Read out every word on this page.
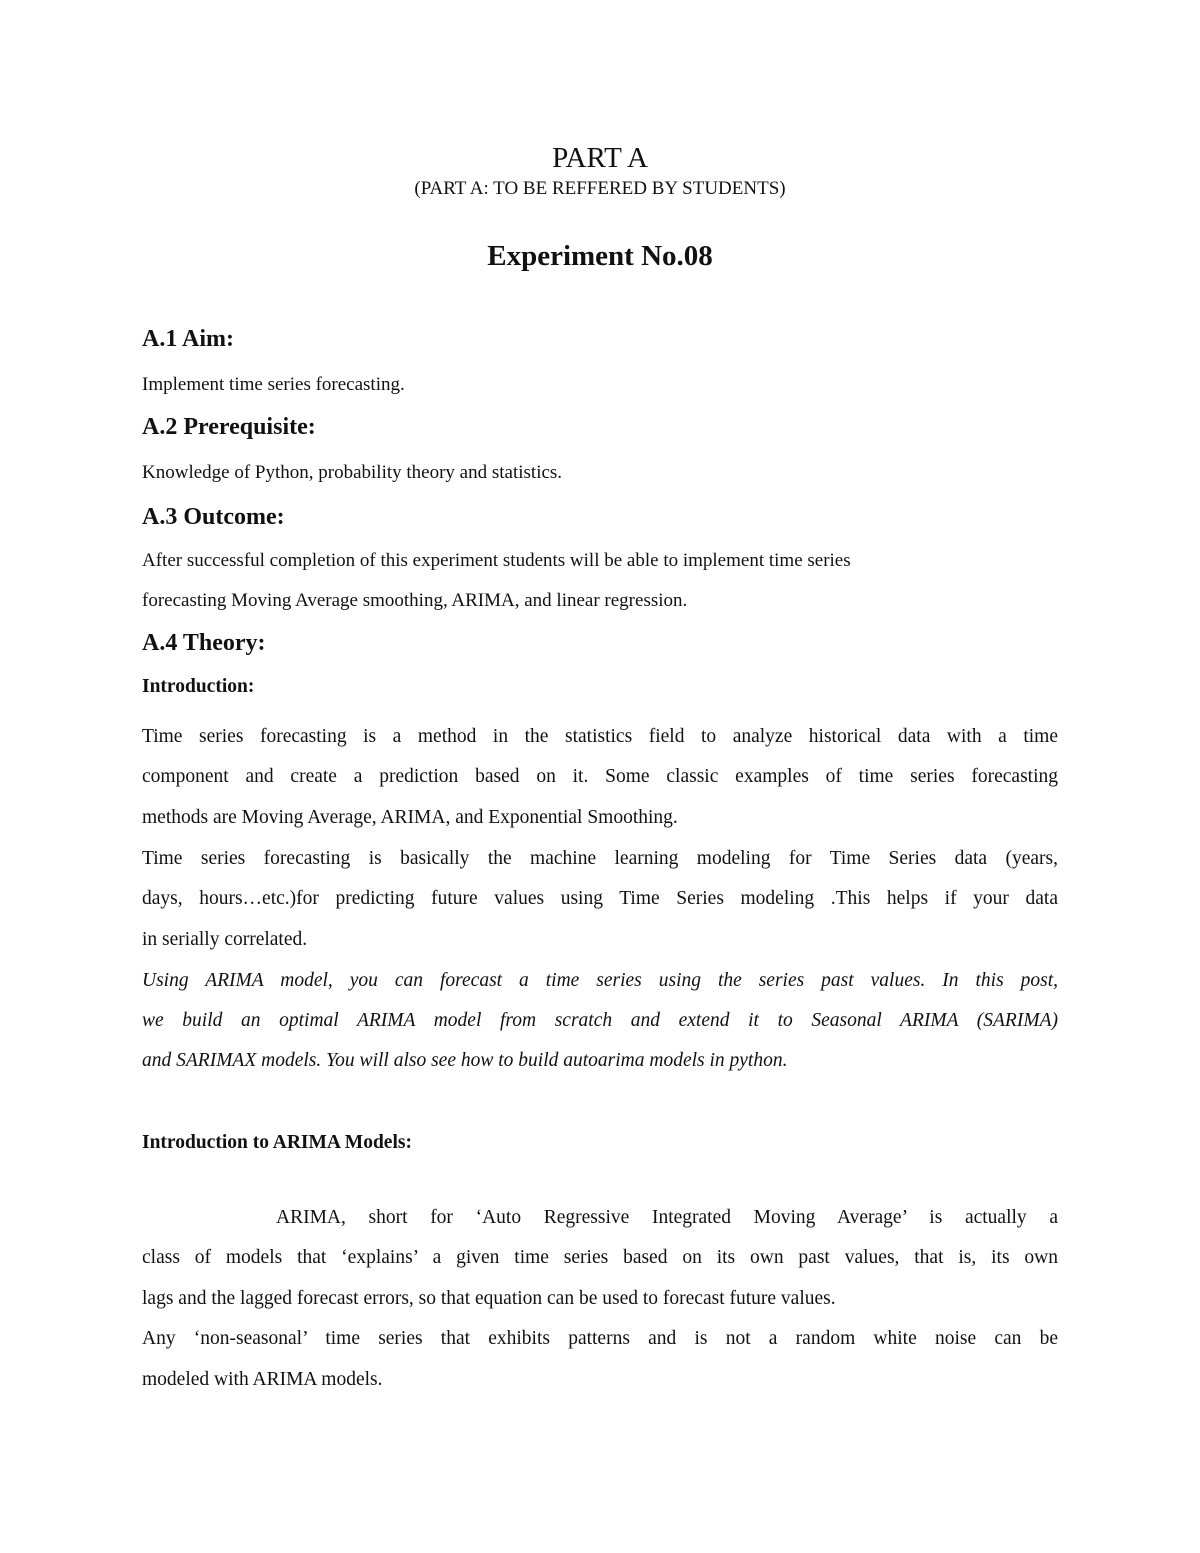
PART A
(PART A: TO BE REFFERED BY STUDENTS)
Experiment No.08
A.1 Aim:
Implement time series forecasting.
A.2 Prerequisite:
Knowledge of Python, probability theory and statistics.
A.3 Outcome:
After successful completion of this experiment students will be able to implement time series
forecasting Moving Average smoothing, ARIMA, and linear regression.
A.4 Theory:
Introduction:
Time series forecasting is a method in the statistics field to analyze historical data with a time
component and create a prediction based on it. Some classic examples of time series forecasting
methods are Moving Average, ARIMA, and Exponential Smoothing.
Time series forecasting is basically the machine learning modeling for Time Series data (years,
days, hours…etc.)for predicting future values using Time Series modeling .This helps if your data
in serially correlated.
Using ARIMA model, you can forecast a time series using the series past values. In this post,
we build an optimal ARIMA model from scratch and extend it to Seasonal ARIMA (SARIMA)
and SARIMAX models. You will also see how to build autoarima models in python.
Introduction to ARIMA Models:
ARIMA, short for ‘Auto Regressive Integrated Moving Average’ is actually a
class of models that ‘explains’ a given time series based on its own past values, that is, its own
lags and the lagged forecast errors, so that equation can be used to forecast future values.
Any ‘non-seasonal’ time series that exhibits patterns and is not a random white noise can be
modeled with ARIMA models.
